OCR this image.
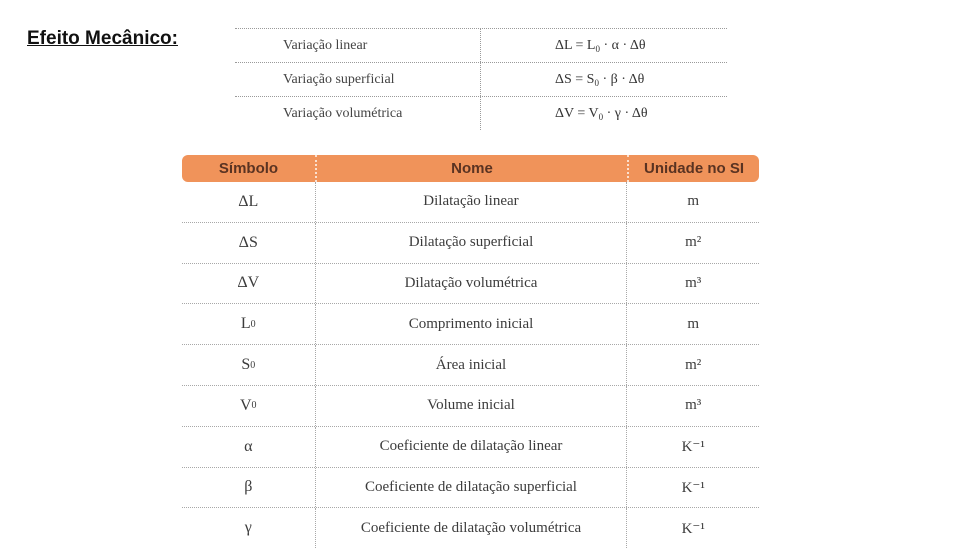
Efeito Mecânico:	Variação linear	$\Delta L = L_0 \cdot \alpha \cdot \Delta\theta$
Variação superficial	$\Delta S = S_0 \cdot \beta \cdot \Delta\theta$
Variação volumétrica	$\Delta V = V_0 \cdot \gamma \cdot \Delta\theta$
Símbolo	Nome	Unidade no SI
ΔL	Dilatação linear	m
ΔS	Dilatação superficial	m²
ΔV	Dilatação volumétrica	m³
L 0	Comprimento inicial	m
S 0	Área inicial	m²
V 0	Volume inicial	m³
α	Coeficiente de dilatação linear	K⁻¹
β	Coeficiente de dilatação superficial	K⁻¹
γ	Coeficiente de dilatação volumétrica	K⁻¹
